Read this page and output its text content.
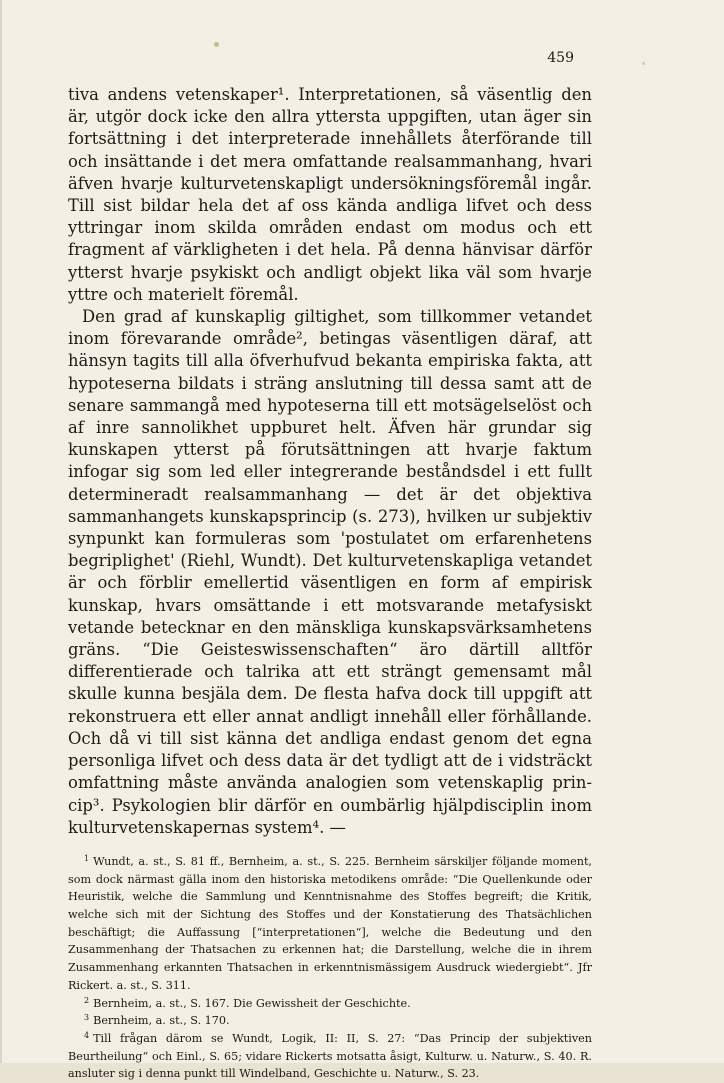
459

tiva andens vetenskaper¹. Interpretationen, så väsentlig den är, utgör dock icke den allra yttersta uppgiften, utan äger sin fortsättning i det interpreterade innehållets återförande till och insättande i det mera omfattande realsammanhang, hvari äfven hvarje kulturvetenskapligt undersökningsföremål ingår. Till sist bildar hela det af oss kända andliga lifvet och dess yttringar inom skilda områden endast om modus och ett fragment af värkligheten i det hela. På denna hänvisar därför ytterst hvarje psykiskt och andligt objekt lika väl som hvarje yttre och materielt föremål.

Den grad af kunskaplig giltighet, som tillkommer vetandet inom förevarande område², betingas väsentligen däraf, att hänsyn tagits till alla öfverhufvud bekanta empiriska fakta, att hypoteserna bildats i sträng anslutning till dessa samt att de senare sammangå med hypoteserna till ett motsägelselöst och af inre sannolikhet uppburet helt. Äfven här grundar sig kunskapen ytterst på förutsättningen att hvarje faktum infogar sig som led eller integrerande beståndsdel i ett fullt determineradt realsammanhang — det är det objektiva sammanhangets kunskapsprincip (s. 273), hvilken ur subjektiv synpunkt kan formuleras som 'postulatet om erfarenhetens begriplighet' (Riehl, Wundt). Det kulturvetenskapliga vetandet är och förblir emellertid väsentligen en form af empirisk kunskap, hvars omsättande i ett motsvarande metafysiskt vetande betecknar en den mänskliga kunskapsvärksamhetens gräns. “Die Geisteswissenschaften“ äro därtill alltför differentierade och talrika att ett strängt gemensamt mål skulle kunna besjäla dem. De flesta hafva dock till uppgift att rekonstruera ett eller annat andligt innehåll eller förhållande. Och då vi till sist känna det andliga endast genom det egna personliga lifvet och dess data är det tydligt att de i vidsträckt omfattning måste använda analogien som vetenskaplig princip³. Psykologien blir därför en oumbärlig hjälpdisciplin inom kulturvetenskapernas system⁴. —

$^1$ Wundt, a. st., S. 81 ff., Bernheim, a. st., S. 225. Bernheim särskiljer följande moment, som dock närmast gälla inom den historiska metodikens område: “Die Quellenkunde oder Heuristik, welche die Sammlung und Kenntnisnahme des Stoffes begreift; die Kritik, welche sich mit der Sichtung des Stoffes und der Konstatierung des Thatsächlichen beschäftigt; die Auffassung [“interpretationen“], welche die Bedeutung und den Zusammenhang der Thatsachen zu erkennen hat; die Darstellung, welche die in ihrem Zusammenhang erkannten Thatsachen in erkenntnismässigem Ausdruck wiedergiebt“. Jfr Rickert. a. st., S. 311.

$^2$ Bernheim, a. st., S. 167. Die Gewissheit der Geschichte.

$^3$ Bernheim, a. st., S. 170.

$^4$ Till frågan därom se Wundt, Logik, II: II, S. 27: “Das Princip der subjektiven Beurtheilung“ och Einl., S. 65; vidare Rickerts motsatta åsigt, Kulturw. u. Naturw., S. 40. R. ansluter sig i denna punkt till Windelband, Geschichte u. Naturw., S. 23.
